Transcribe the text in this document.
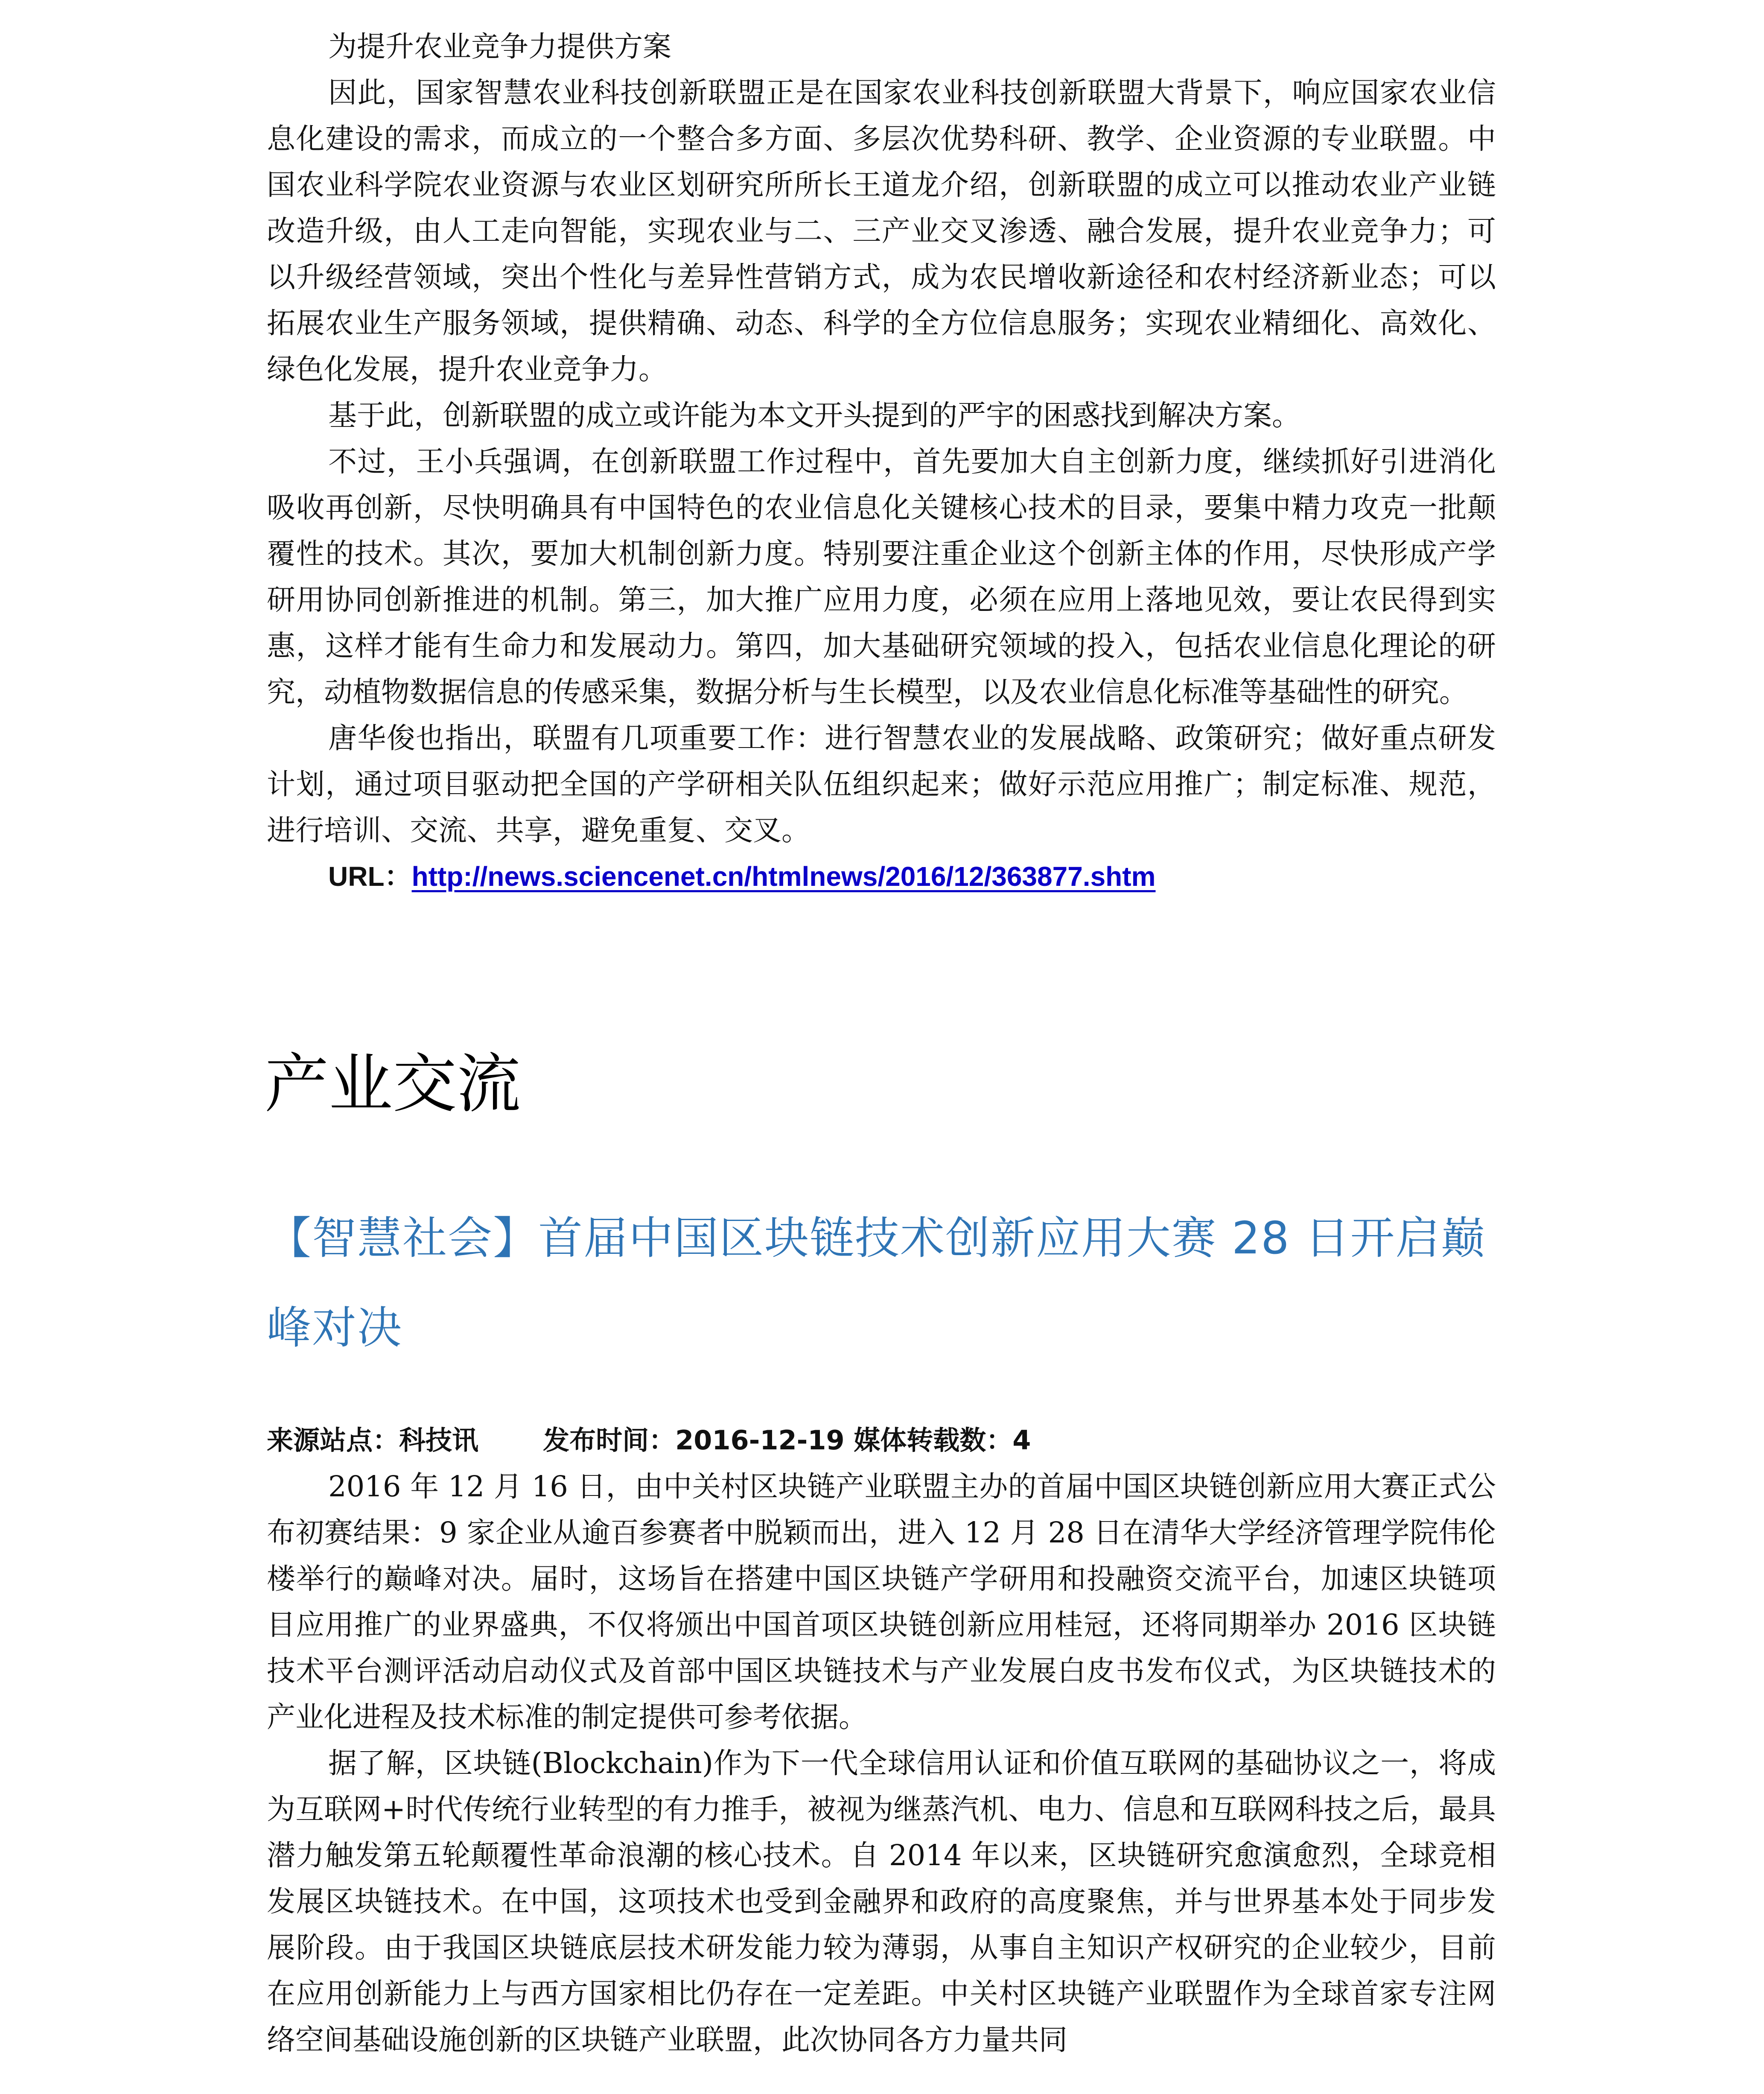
为提升农业竞争力提供方案

因此，国家智慧农业科技创新联盟正是在国家农业科技创新联盟大背景下，响应国家农业信息化建设的需求，而成立的一个整合多方面、多层次优势科研、教学、企业资源的专业联盟。中国农业科学院农业资源与农业区划研究所所长王道龙介绍，创新联盟的成立可以推动农业产业链改造升级，由人工走向智能，实现农业与二、三产业交叉渗透、融合发展，提升农业竞争力；可以升级经营领域，突出个性化与差异性营销方式，成为农民增收新途径和农村经济新业态；可以拓展农业生产服务领域，提供精确、动态、科学的全方位信息服务；实现农业精细化、高效化、绿色化发展，提升农业竞争力。

基于此，创新联盟的成立或许能为本文开头提到的严宇的困惑找到解决方案。

不过，王小兵强调，在创新联盟工作过程中，首先要加大自主创新力度，继续抓好引进消化吸收再创新，尽快明确具有中国特色的农业信息化关键核心技术的目录，要集中精力攻克一批颠覆性的技术。其次，要加大机制创新力度。特别要注重企业这个创新主体的作用，尽快形成产学研用协同创新推进的机制。第三，加大推广应用力度，必须在应用上落地见效，要让农民得到实惠，这样才能有生命力和发展动力。第四，加大基础研究领域的投入，包括农业信息化理论的研究，动植物数据信息的传感采集，数据分析与生长模型，以及农业信息化标准等基础性的研究。

唐华俊也指出，联盟有几项重要工作：进行智慧农业的发展战略、政策研究；做好重点研发计划，通过项目驱动把全国的产学研相关队伍组织起来；做好示范应用推广；制定标准、规范，进行培训、交流、共享，避免重复、交叉。

URL：http://news.sciencenet.cn/htmlnews/2016/12/363877.shtm

产业交流
【智慧社会】首届中国区块链技术创新应用大赛 28 日开启巅峰对决

来源站点：科技讯       发布时间：2016-12-19 媒体转载数：4

2016 年 12 月 16 日，由中关村区块链产业联盟主办的首届中国区块链创新应用大赛正式公布初赛结果：9 家企业从逾百参赛者中脱颖而出，进入 12 月 28 日在清华大学经济管理学院伟伦楼举行的巅峰对决。届时，这场旨在搭建中国区块链产学研用和投融资交流平台，加速区块链项目应用推广的业界盛典，不仅将颁出中国首项区块链创新应用桂冠，还将同期举办 2016 区块链技术平台测评活动启动仪式及首部中国区块链技术与产业发展白皮书发布仪式，为区块链技术的产业化进程及技术标准的制定提供可参考依据。

据了解，区块链(Blockchain)作为下一代全球信用认证和价值互联网的基础协议之一，将成为互联网+时代传统行业转型的有力推手，被视为继蒸汽机、电力、信息和互联网科技之后，最具潜力触发第五轮颠覆性革命浪潮的核心技术。自 2014 年以来，区块链研究愈演愈烈，全球竞相发展区块链技术。在中国，这项技术也受到金融界和政府的高度聚焦，并与世界基本处于同步发展阶段。由于我国区块链底层技术研发能力较为薄弱，从事自主知识产权研究的企业较少，目前在应用创新能力上与西方国家相比仍存在一定差距。中关村区块链产业联盟作为全球首家专注网络空间基础设施创新的区块链产业联盟，此次协同各方力量共同
